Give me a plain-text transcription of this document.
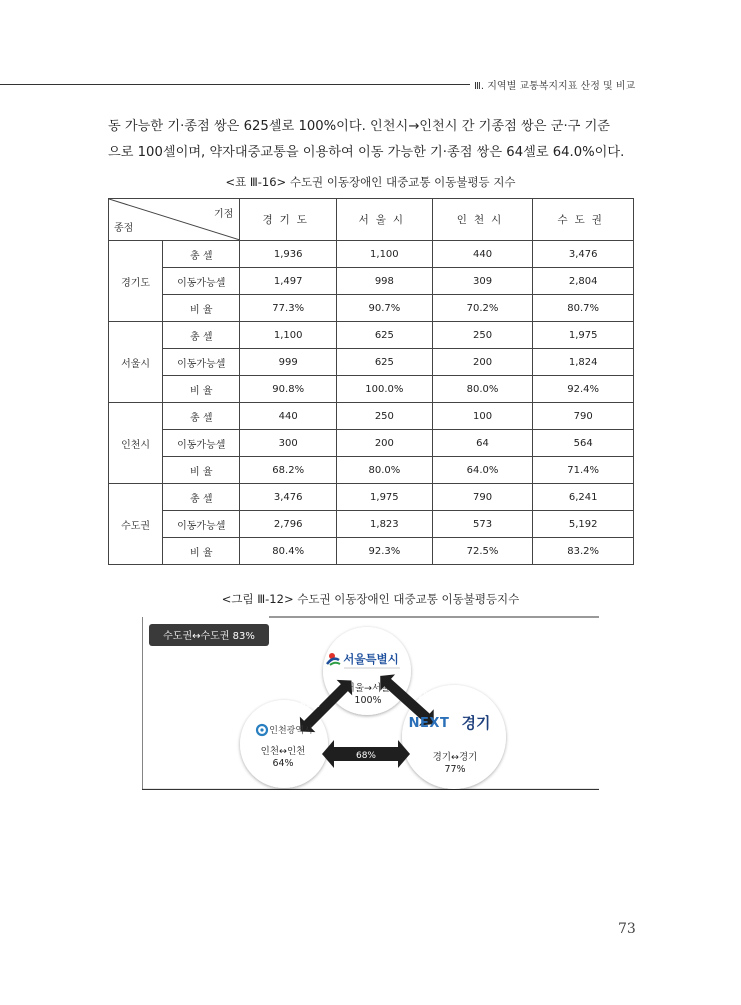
Ⅲ. 지역별 교통복지지표 산정 및 비교
동 가능한 기·종점 쌍은 625셀로 100%이다. 인천시→인천시 간 기종점 쌍은 군·구 기준
으로 100셀이며, 약자대중교통을 이용하여 이동 가능한 기·종점 쌍은 64셀로 64.0%이다.
<표 Ⅲ-16> 수도권 이동장애인 대중교통 이동불평등 지수
기점
종점		경기도	서울시	인천시	수도권
경기도	총 셀	1,936	1,100	440	3,476
	이동가능셀	1,497	998	309	2,804
	비 율	77.3%	90.7%	70.2%	80.7%
서울시	총 셀	1,100	625	250	1,975
	이동가능셀	999	625	200	1,824
	비 율	90.8%	100.0%	80.0%	92.4%
인천시	총 셀	440	250	100	790
	이동가능셀	300	200	64	564
	비 율	68.2%	80.0%	64.0%	71.4%
수도권	총 셀	3,476	1,975	790	6,241
	이동가능셀	2,796	1,823	573	5,192
	비 율	80.4%	92.3%	72.5%	83.2%
<그림 Ⅲ-12> 수도권 이동장애인 대중교통 이동불평등지수
수도권↔수도권 83%
80%
91%
68%
서울특별시
서울→서울
100%
인천광역시
인천↔인천
64%
NEXT 경기
경기↔경기
77%
73
